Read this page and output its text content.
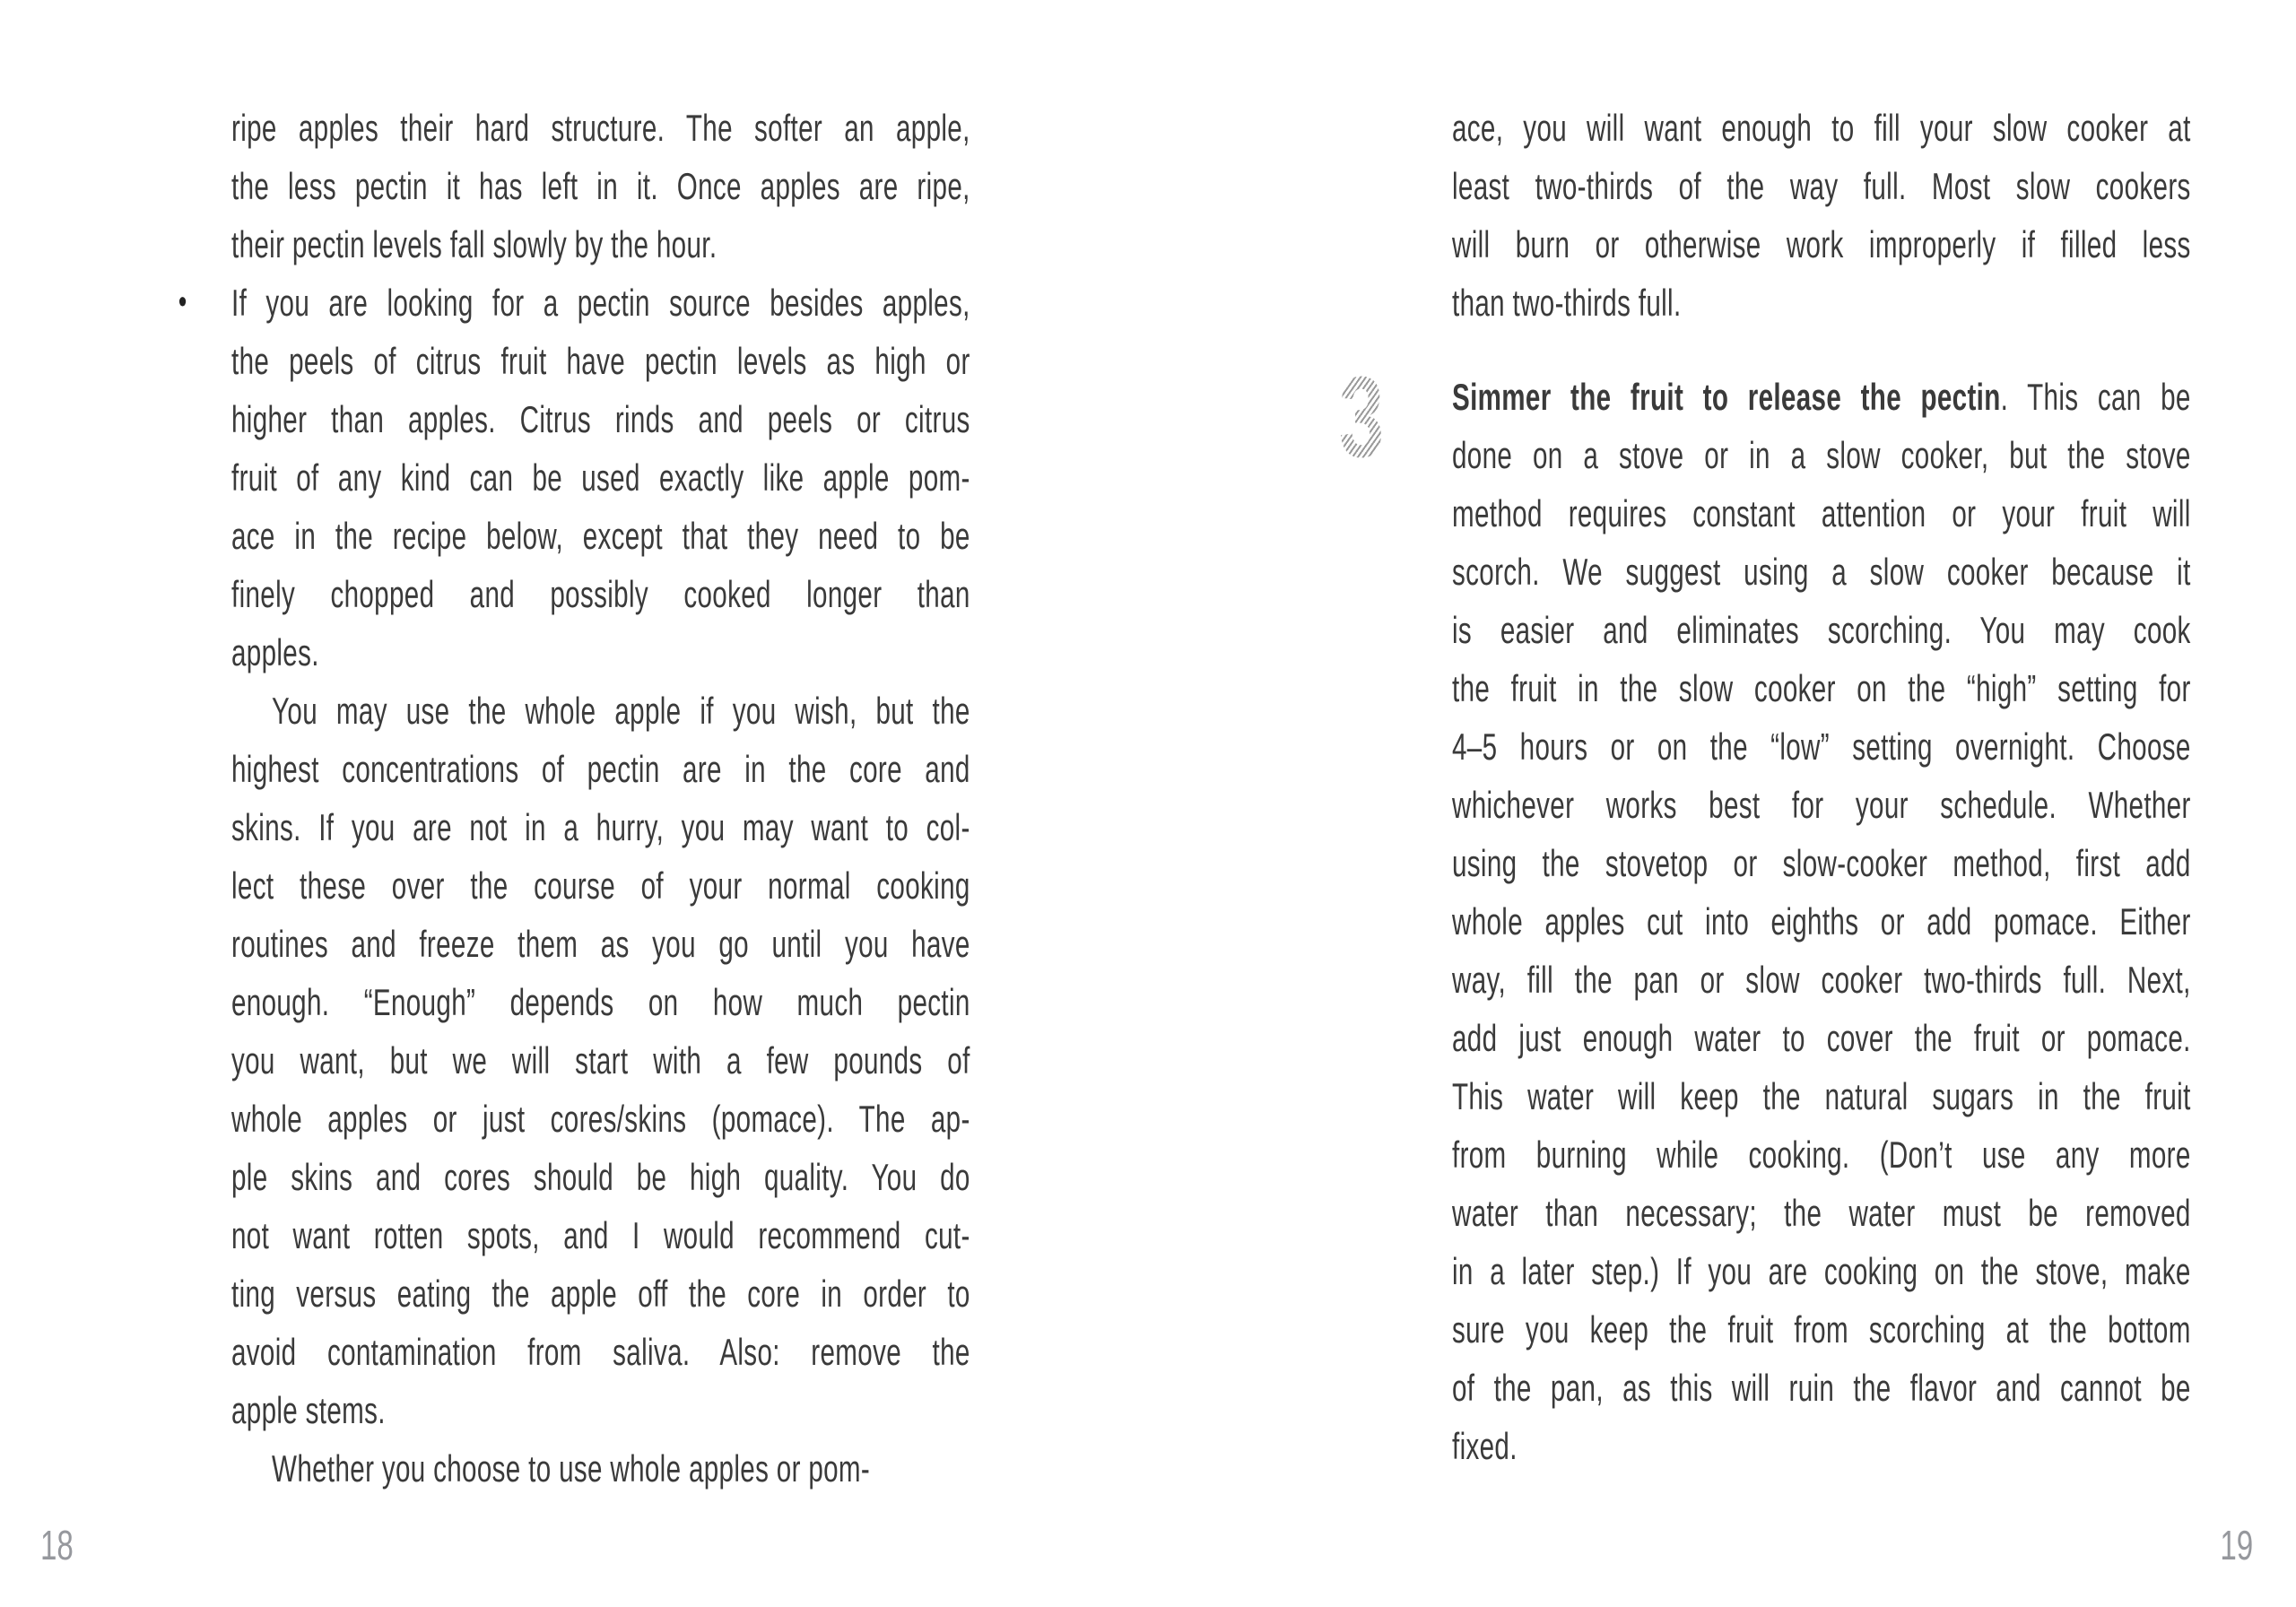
ripe apples their hard structure. The softer an apple,
the less pectin it has left in it. Once apples are ripe,
their pectin levels fall slowly by the hour.
• If you are looking for a pectin source besides apples,
the peels of citrus fruit have pectin levels as high or
higher than apples. Citrus rinds and peels or citrus
fruit of any kind can be used exactly like apple pom-
ace in the recipe below, except that they need to be
finely chopped and possibly cooked longer than
apples.
You may use the whole apple if you wish, but the
highest concentrations of pectin are in the core and
skins. If you are not in a hurry, you may want to col-
lect these over the course of your normal cooking
routines and freeze them as you go until you have
enough. “Enough” depends on how much pectin
you want, but we will start with a few pounds of
whole apples or just cores/skins (pomace). The ap-
ple skins and cores should be high quality. You do
not want rotten spots, and I would recommend cut-
ting versus eating the apple off the core in order to
avoid contamination from saliva. Also: remove the
apple stems.
Whether you choose to use whole apples or pom-
18
ace, you will want enough to fill your slow cooker at
least two-thirds of the way full. Most slow cookers
will burn or otherwise work improperly if filled less
than two-thirds full.
3 Simmer the fruit to release the pectin. This can be
done on a stove or in a slow cooker, but the stove
method requires constant attention or your fruit will
scorch. We suggest using a slow cooker because it
is easier and eliminates scorching. You may cook
the fruit in the slow cooker on the “high” setting for
4–5 hours or on the “low” setting overnight. Choose
whichever works best for your schedule. Whether
using the stovetop or slow-cooker method, first add
whole apples cut into eighths or add pomace. Either
way, fill the pan or slow cooker two-thirds full. Next,
add just enough water to cover the fruit or pomace.
This water will keep the natural sugars in the fruit
from burning while cooking. (Don’t use any more
water than necessary; the water must be removed
in a later step.) If you are cooking on the stove, make
sure you keep the fruit from scorching at the bottom
of the pan, as this will ruin the flavor and cannot be
fixed.
19
